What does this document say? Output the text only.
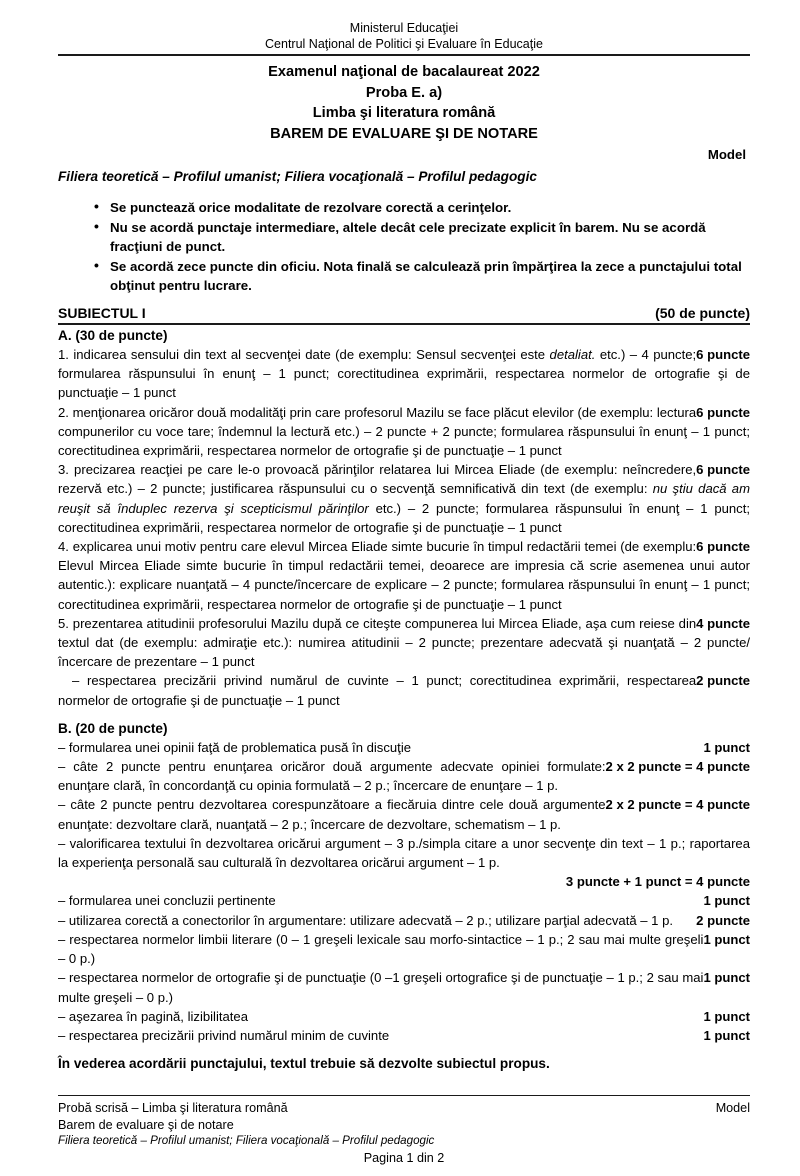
Ministerul Educaţiei
Centrul Naţional de Politici şi Evaluare în Educaţie
Examenul naţional de bacalaureat 2022
Proba E. a)
Limba şi literatura română
BAREM DE EVALUARE ŞI DE NOTARE
Model
Filiera teoretică – Profilul umanist; Filiera vocaţională – Profilul pedagogic
• Se punctează orice modalitate de rezolvare corectă a cerinţelor.
• Nu se acordă punctaje intermediare, altele decât cele precizate explicit în barem. Nu se acordă fracţiuni de punct.
• Se acordă zece puncte din oficiu. Nota finală se calculează prin împărţirea la zece a punctajului total obţinut pentru lucrare.
SUBIECTUL I	(50 de puncte)
A. (30 de puncte)

6 puncte
1. indicarea sensului din text al secvenţei date (de exemplu: Sensul secvenţei este detaliat. etc.) – 4 puncte; formularea răspunsului în enunţ – 1 punct; corectitudinea exprimării, respectarea normelor de ortografie şi de punctuaţie – 1 punct

6 puncte
2. menţionarea oricăror două modalităţi prin care profesorul Mazilu se face plăcut elevilor (de exemplu: lectura compunerilor cu voce tare; îndemnul la lectură etc.) – 2 puncte + 2 puncte; formularea răspunsului în enunţ – 1 punct; corectitudinea exprimării, respectarea normelor de ortografie şi de punctuaţie – 1 punct

6 puncte
3. precizarea reacţiei pe care le-o provoacă părinţilor relatarea lui Mircea Eliade (de exemplu: neîncredere, rezervă etc.) – 2 puncte; justificarea răspunsului cu o secvenţă semnificativă din text (de exemplu: nu ştiu dacă am reuşit să înduplec rezerva şi scepticismul părinţilor etc.) – 2 puncte; formularea răspunsului în enunţ – 1 punct; corectitudinea exprimării, respectarea normelor de ortografie şi de punctuaţie – 1 punct

6 puncte
4. explicarea unui motiv pentru care elevul Mircea Eliade simte bucurie în timpul redactării temei (de exemplu: Elevul Mircea Eliade simte bucurie în timpul redactării temei, deoarece are impresia că scrie asemenea unui autor autentic.): explicare nuanţată – 4 puncte/încercare de explicare – 2 puncte; formularea răspunsului în enunţ – 1 punct; corectitudinea exprimării, respectarea normelor de ortografie şi de punctuaţie – 1 punct

4 puncte
5. prezentarea atitudinii profesorului Mazilu după ce citeşte compunerea lui Mircea Eliade, aşa cum reiese din textul dat (de exemplu: admiraţie etc.): numirea atitudinii – 2 puncte; prezentare adecvată şi nuanţată – 2 puncte/încercare de prezentare – 1 punct

2 puncte
– respectarea precizării privind numărul de cuvinte – 1 punct; corectitudinea exprimării, respectarea normelor de ortografie şi de punctuaţie – 1 punct

B. (20 de puncte)

1 punct
– formularea unei opinii faţă de problematica pusă în discuţie

2 x 2 puncte = 4 puncte
– câte 2 puncte pentru enunţarea oricăror două argumente adecvate opiniei formulate: enunţare clară, în concordanţă cu opinia formulată – 2 p.; încercare de enunţare – 1 p.

2 x 2 puncte = 4 puncte
– câte 2 puncte pentru dezvoltarea corespunzătoare a fiecăruia dintre cele două argumente enunţate: dezvoltare clară, nuanţată – 2 p.; încercare de dezvoltare, schematism – 1 p.

– valorificarea textului în dezvoltarea oricărui argument – 3 p./simpla citare a unor secvenţe din text – 1 p.; raportarea la experienţa personală sau culturală în dezvoltarea oricărui argument – 1 p.

3 puncte + 1 punct = 4 puncte

1 punct
– formularea unei concluzii pertinente

2 puncte
– utilizarea corectă a conectorilor în argumentare: utilizare adecvată – 2 p.; utilizare parţial adecvată – 1 p.

1 punct
– respectarea normelor limbii literare (0 – 1 greşeli lexicale sau morfo-sintactice – 1 p.; 2 sau mai multe greşeli – 0 p.)

1 punct
– respectarea normelor de ortografie şi de punctuaţie (0 –1 greşeli ortografice şi de punctuaţie – 1 p.; 2 sau mai multe greşeli – 0 p.)

1 punct
– aşezarea în pagină, lizibilitatea

1 punct
– respectarea precizării privind numărul minim de cuvinte

În vederea acordării punctajului, textul trebuie să dezvolte subiectul propus.

Probă scrisă – Limba şi literatura română
Barem de evaluare şi de notare
Filiera teoretică – Profilul umanist; Filiera vocaţională – Profilul pedagogic
Model
Pagina 1 din 2
